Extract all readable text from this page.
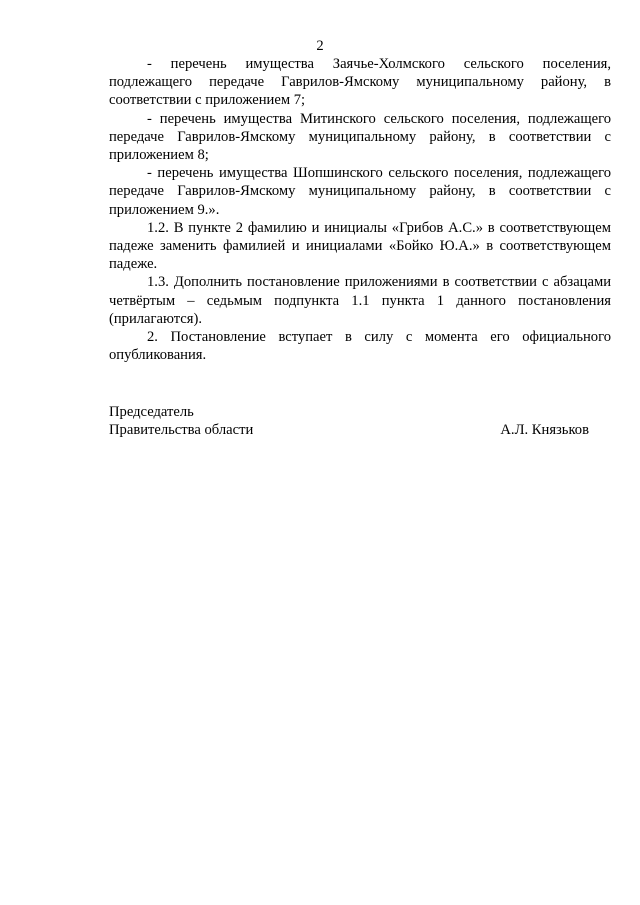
2

- перечень имущества Заячье-Холмского сельского поселения, подлежащего передаче Гаврилов-Ямскому муниципальному району, в соответствии с приложением 7;

- перечень имущества Митинского сельского поселения, подлежащего передаче Гаврилов-Ямскому муниципальному району, в соответствии с приложением 8;

- перечень имущества Шопшинского сельского поселения, подлежащего передаче Гаврилов-Ямскому муниципальному району, в соответствии с приложением 9.».

1.2. В пункте 2 фамилию и инициалы «Грибов А.С.» в соответствующем падеже заменить фамилией и инициалами «Бойко Ю.А.» в соответствующем падеже.

1.3. Дополнить постановление приложениями в соответствии с абзацами четвёртым – седьмым подпункта 1.1 пункта 1 данного постановления (прилагаются).

2. Постановление вступает в силу с момента его официального опубликования.

Председатель
Правительства области	А.Л. Князьков
